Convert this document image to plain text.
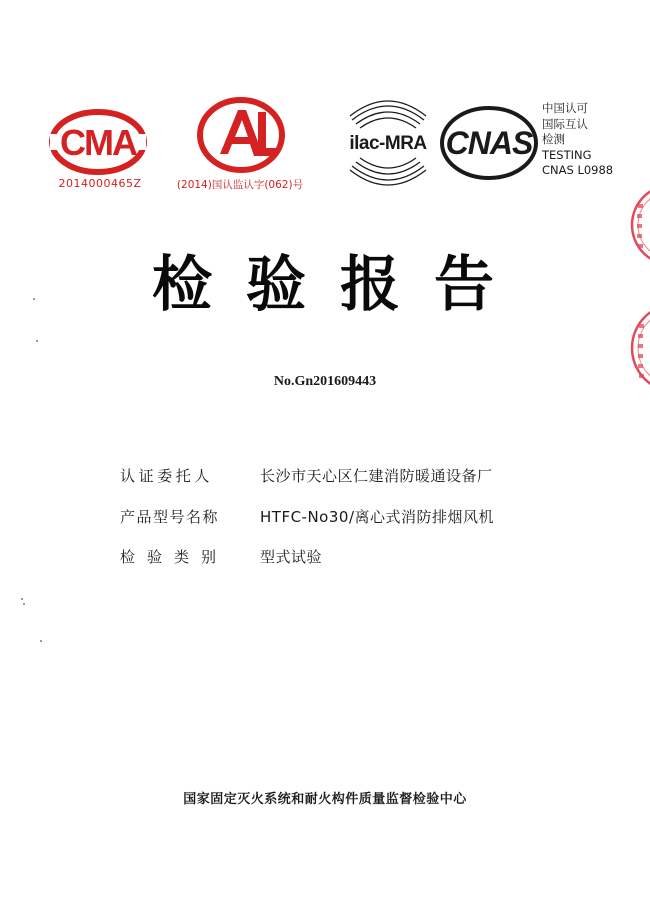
CMA
2014000465Z	(2014)国认监认字(062)号
ilac-MRA CNAS
中国认可
国际互认
检测
TESTING
CNAS L0988
检验报告
No.Gn201609443
认证委托人	长沙市天心区仁建消防暖通设备厂
产品型号名称	HTFC-No30/离心式消防排烟风机
检验类别	型式试验
国家固定灭火系统和耐火构件质量监督检验中心
